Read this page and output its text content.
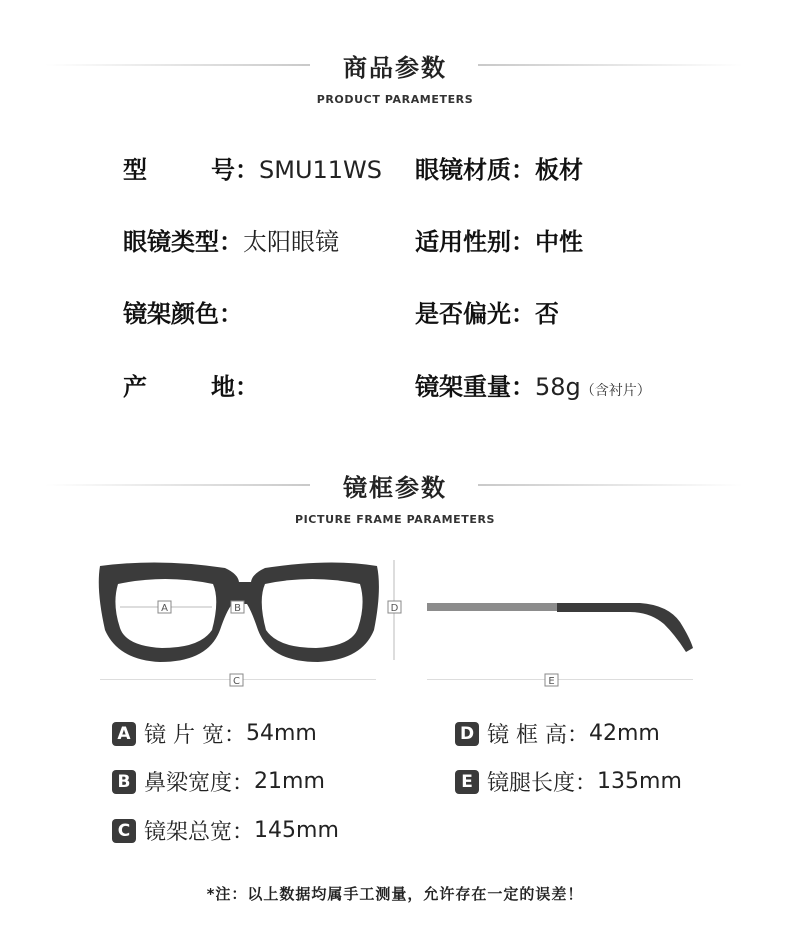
商品参数
PRODUCT PARAMETERS
型	号 ：SMU11WS 眼镜材质：板材
眼镜类型：太阳眼镜	适用性别：中性
镜架颜色：	是否偏光：否
产	地 ：	镜架重量：58g（含衬片）
镜框参数
PICTURE FRAME PARAMETERS
A	B	D
C	E
A 镜 片 宽： 54mm	D 镜 框 高： 42mm
B 鼻梁宽度： 21mm	E 镜腿长度： 135mm
C 镜架总宽： 145mm
*注：以上数据均属手工测量，允许存在一定的误差！
